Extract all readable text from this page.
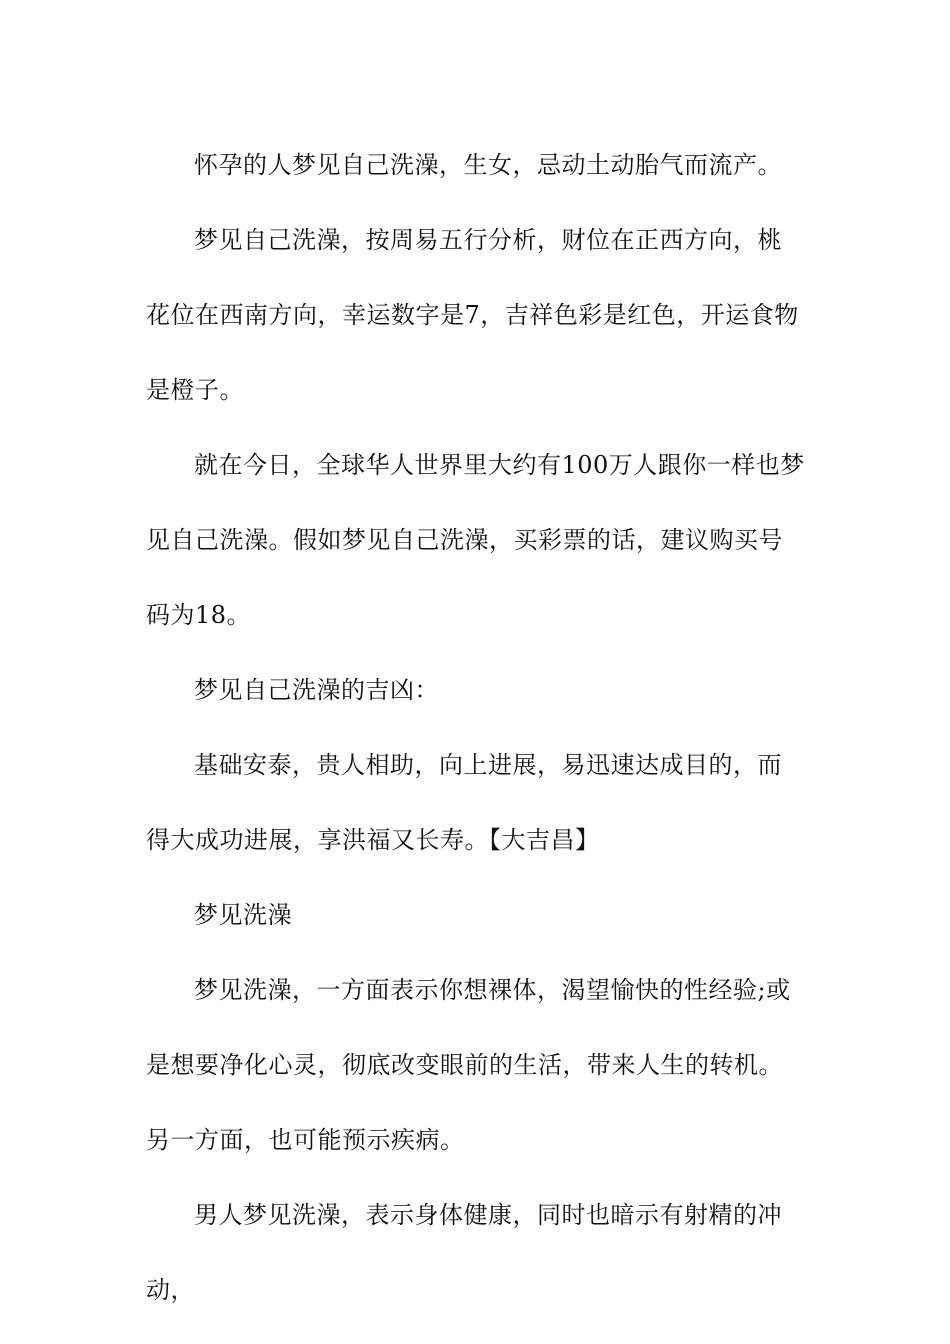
怀孕的人梦见自己洗澡，生女，忌动土动胎气而流产。

梦见自己洗澡，按周易五行分析，财位在正西方向，桃花位在西南方向，幸运数字是7，吉祥色彩是红色，开运食物是橙子。

就在今日，全球华人世界里大约有100万人跟你一样也梦见自己洗澡。假如梦见自己洗澡，买彩票的话，建议购买号码为18。

梦见自己洗澡的吉凶：

基础安泰，贵人相助，向上进展，易迅速达成目的，而得大成功进展，享洪福又长寿。【大吉昌】

梦见洗澡

梦见洗澡，一方面表示你想裸体，渴望愉快的性经验;或是想要净化心灵，彻底改变眼前的生活，带来人生的转机。另一方面，也可能预示疾病。

男人梦见洗澡，表示身体健康，同时也暗示有射精的冲动，
